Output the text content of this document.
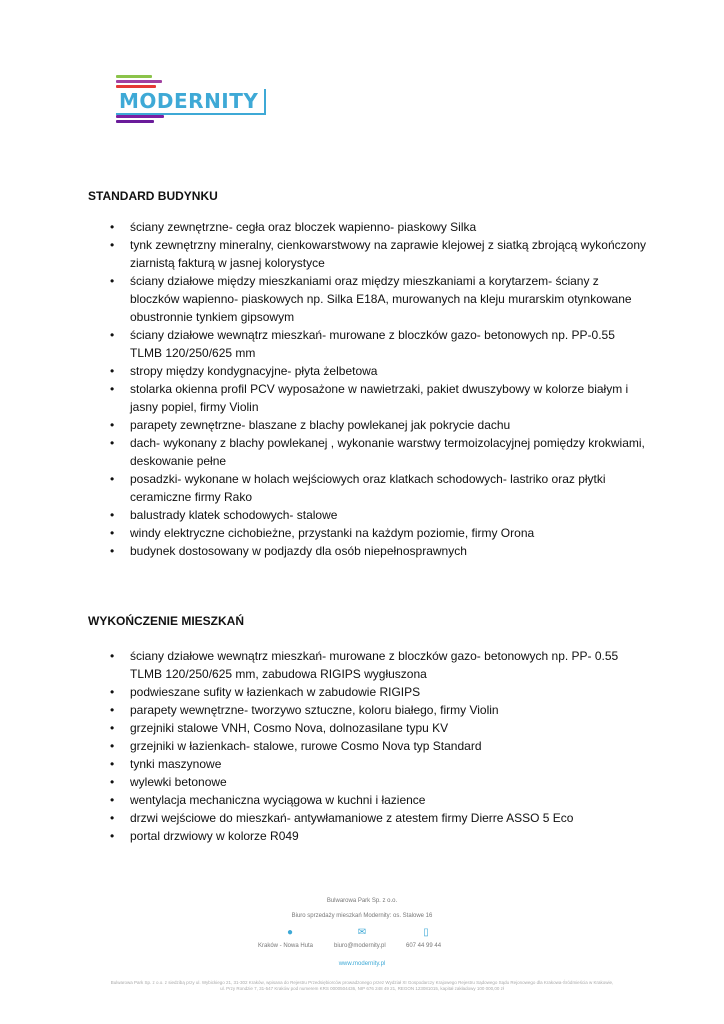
MODERNITY
STANDARD BUDYNKU
• ściany zewnętrzne- cegła oraz bloczek wapienno- piaskowy Silka
• tynk zewnętrzny mineralny, cienkowarstwowy na zaprawie klejowej z siatką zbrojącą wykończony ziarnistą fakturą w jasnej kolorystyce
• ściany działowe między mieszkaniami oraz między mieszkaniami a korytarzem- ściany z bloczków wapienno- piaskowych np. Silka E18A, murowanych na kleju murarskim otynkowane obustronnie tynkiem gipsowym
• ściany działowe wewnątrz mieszkań- murowane z bloczków gazo- betonowych np. PP-0.55 TLMB 120/250/625 mm
• stropy między kondygnacyjne- płyta żelbetowa
• stolarka okienna profil PCV wyposażone w nawietrzaki, pakiet dwuszybowy w kolorze białym i jasny popiel, firmy Violin
• parapety zewnętrzne- blaszane z blachy powlekanej jak pokrycie dachu
• dach- wykonany z blachy powlekanej , wykonanie warstwy termoizolacyjnej pomiędzy krokwiami, deskowanie pełne
• posadzki- wykonane w holach wejściowych oraz klatkach schodowych- lastriko oraz płytki ceramiczne firmy Rako
• balustrady klatek schodowych- stalowe
• windy elektryczne cichobieżne, przystanki na każdym poziomie, firmy Orona
• budynek dostosowany w podjazdy dla osób niepełnosprawnych
WYKOŃCZENIE MIESZKAŃ
• ściany działowe wewnątrz mieszkań- murowane z bloczków gazo- betonowych np. PP- 0.55 TLMB 120/250/625 mm, zabudowa RIGIPS wygłuszona
• podwieszane sufity w łazienkach w zabudowie RIGIPS
• parapety wewnętrzne- tworzywo sztuczne, koloru białego, firmy Violin
• grzejniki stalowe VNH, Cosmo Nova, dolnozasilane typu KV
• grzejniki w łazienkach- stalowe, rurowe Cosmo Nova typ Standard
• tynki maszynowe
• wylewki betonowe
• wentylacja mechaniczna wyciągowa w kuchni i łazience
• drzwi wejściowe do mieszkań- antywłamaniowe z atestem firmy Dierre ASSO 5 Eco
• portal drzwiowy w kolorze R049
Bulwarowa Park Sp. z o.o.
Biuro sprzedaży mieszkań Modernity: os. Stalowe 16
●	✉	▯
Kraków - Nowa Huta	biuro@modernity.pl	607 44 99 44
www.modernity.pl
Bulwarowa Park Sp. z o.o. z siedzibą przy ul. Wybickiego 21, 31-302 Kraków, wpisana do Rejestru Przedsiębiorców prowadzonego przez Wydział XI Gospodarczy Krajowego Rejestru Sądowego Sądu Rejonowego dla Krakowa-Śródmieścia w Krakowie, ul. Przy Rondzie 7, 31-547 Kraków pod numerem KRS 0000504436, NIP 676 248 49 21, REGON 123081015, kapitał zakładowy 100 000,00 zł
